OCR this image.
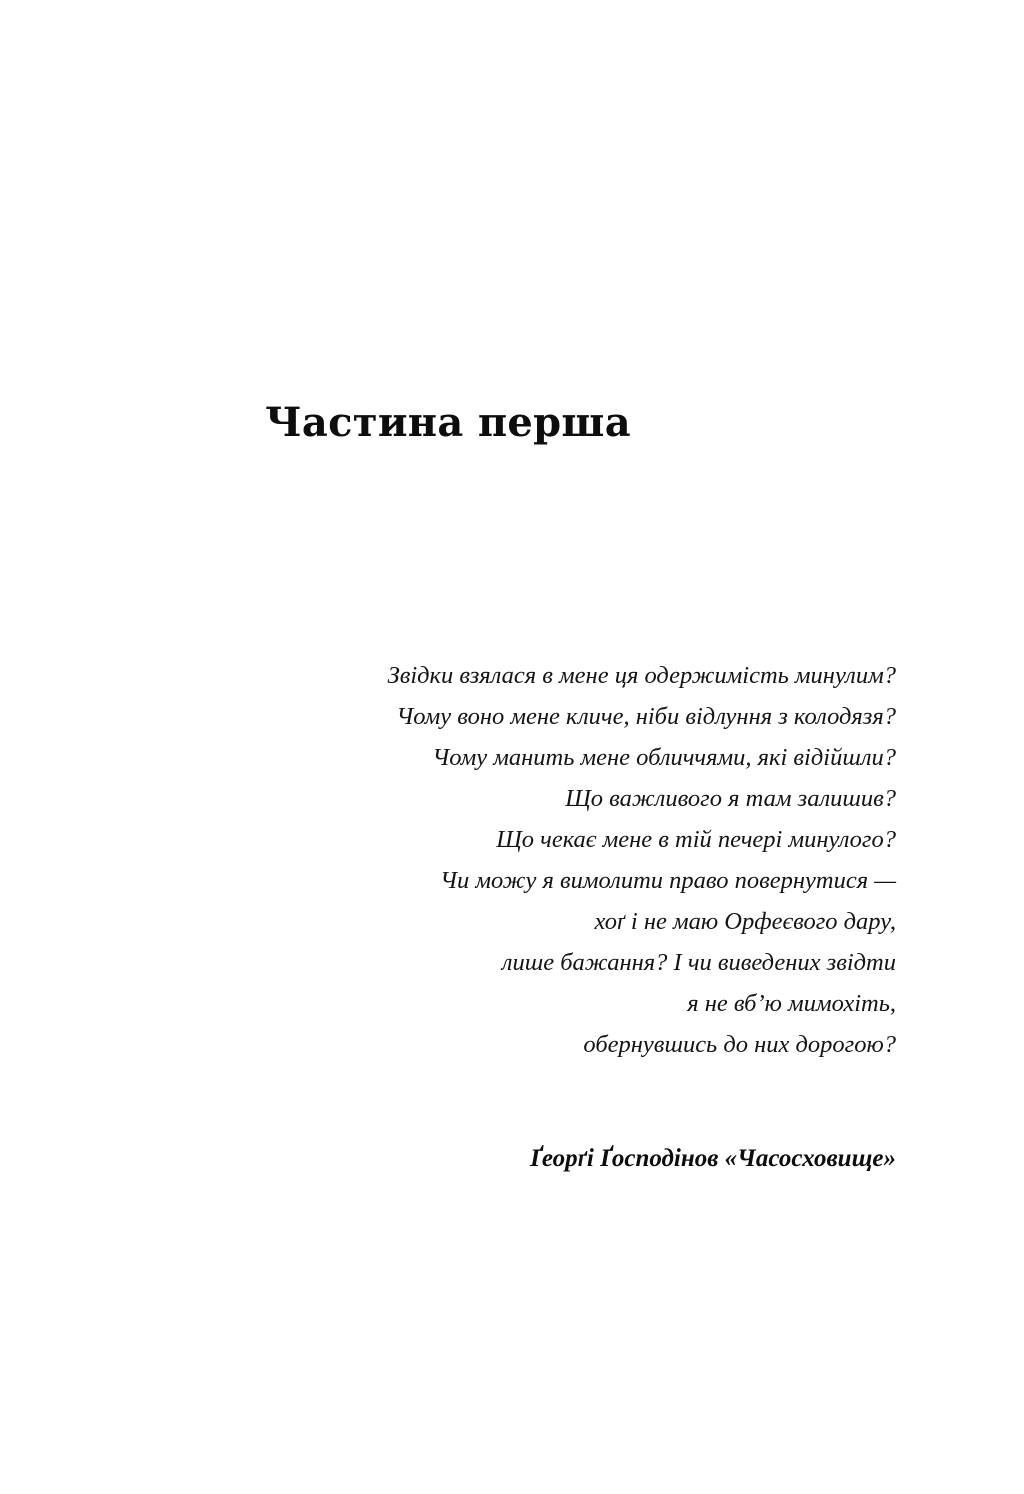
Частина перша
Звідки взялася в мене ця одержимість минулим?
Чому воно мене кличе, ніби відлуння з колодязя?
Чому манить мене обличчями, які відійшли?
Що важливого я там залишив?
Що чекає мене в тій печері минулого?
Чи можу я вимолити право повернутися —
хоґ і не маю Орфеєвого дару,
лише бажання? І чи виведених звідти
я не вб’ю мимохіть,
обернувшись до них дорогою?
Ґеорґі Ґосподінов «Часосховище»
